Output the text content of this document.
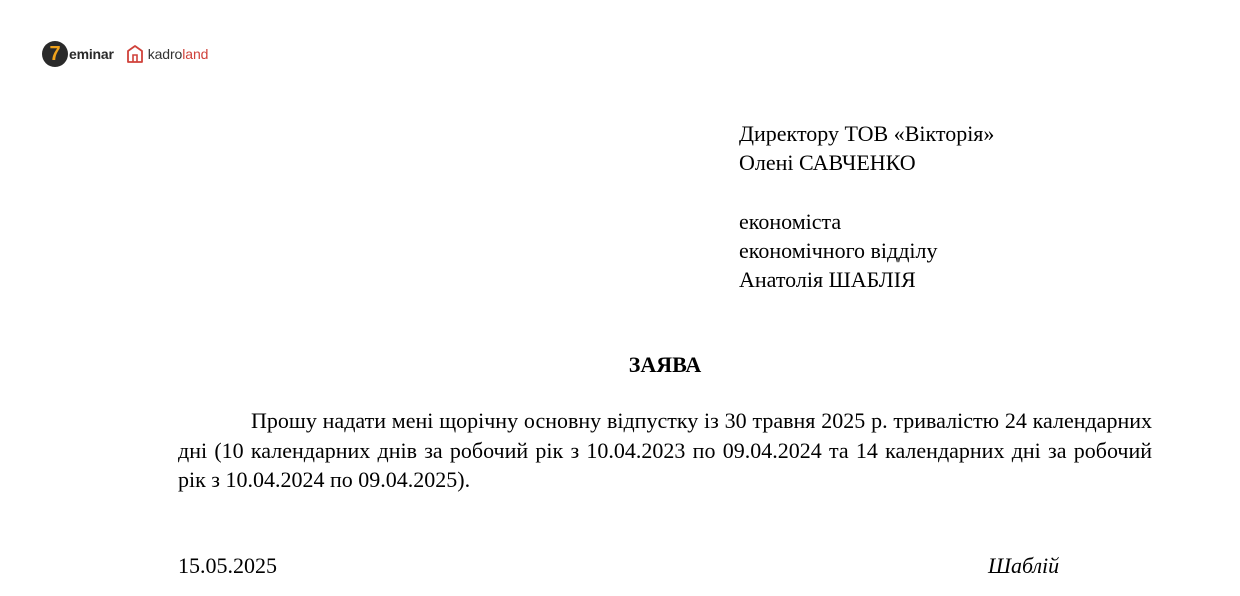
7 eminar kadroland
Директору ТОВ «Вікторія»
Олені САВЧЕНКО
економіста
економічного відділу
Анатолія ШАБЛІЯ
ЗАЯВА

Прошу надати мені щорічну основну відпустку із 30 травня 2025 р. тривалістю 24 календарних дні (10 календарних днів за робочий рік з 10.04.2023 по 09.04.2024 та 14 календарних дні за робочий рік з 10.04.2024 по 09.04.2025).

15.05.2025	Шаблій
